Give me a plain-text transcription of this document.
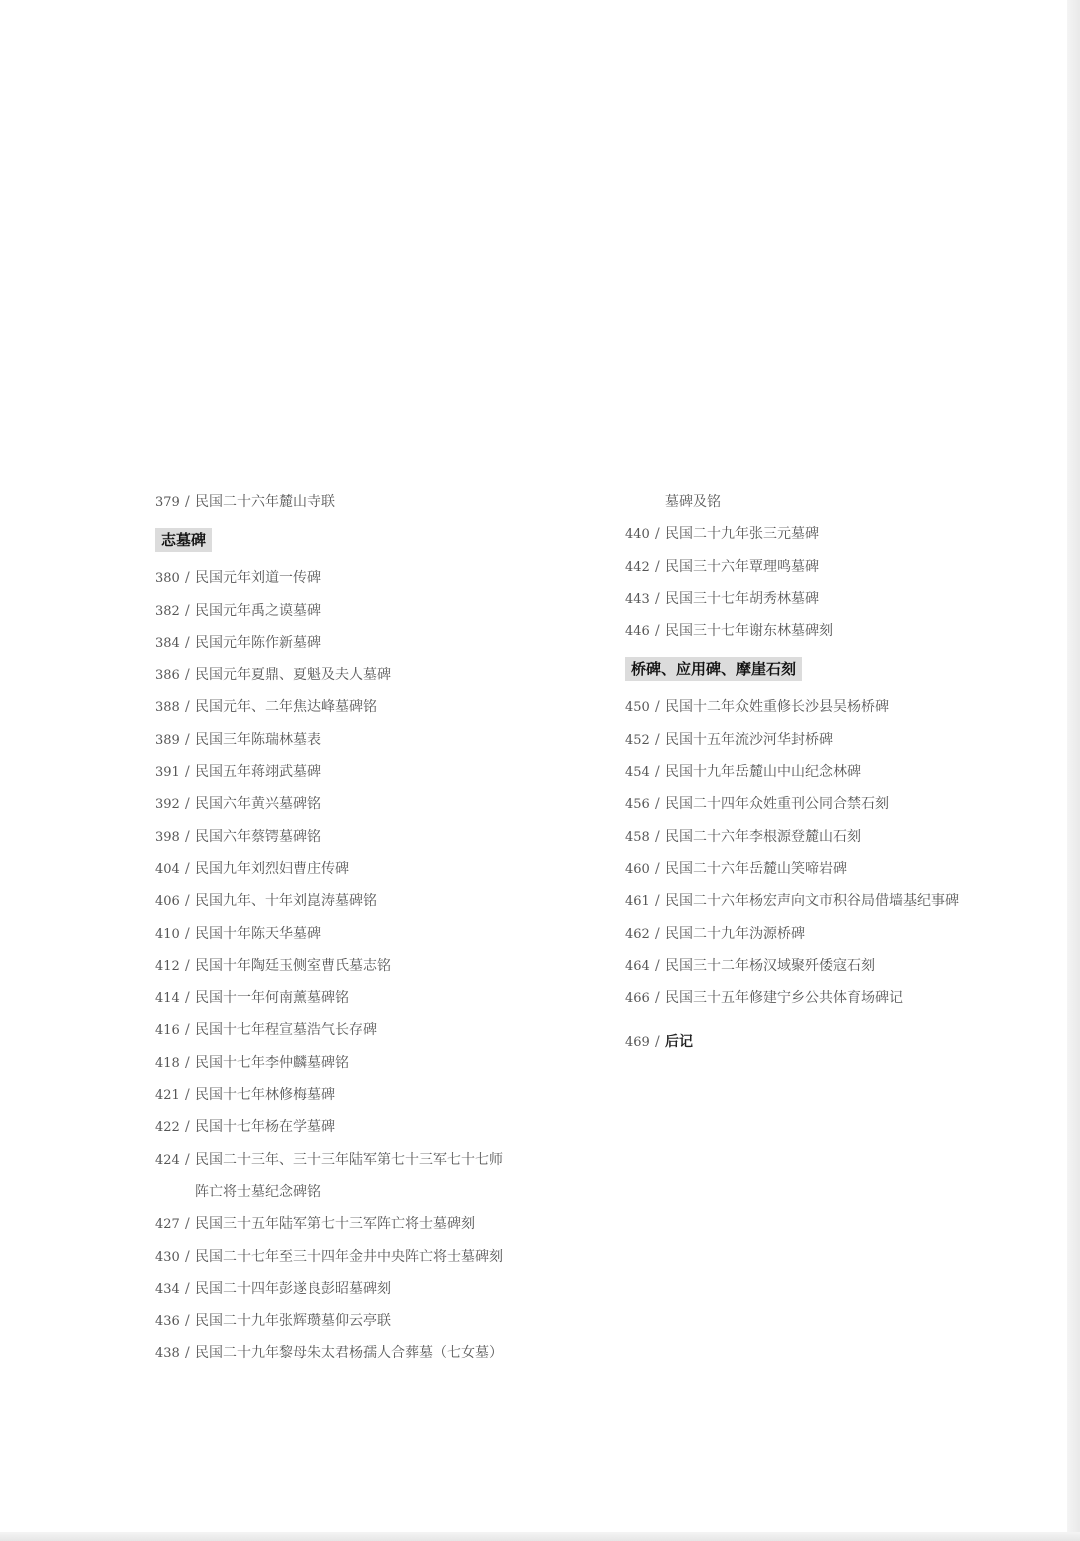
379 / 民国二十六年麓山寺联
志墓碑
380 / 民国元年刘道一传碑
382 / 民国元年禹之谟墓碑
384 / 民国元年陈作新墓碑
386 / 民国元年夏鼎、夏魁及夫人墓碑
388 / 民国元年、二年焦达峰墓碑铭
389 / 民国三年陈瑞林墓表
391 / 民国五年蒋翊武墓碑
392 / 民国六年黄兴墓碑铭
398 / 民国六年蔡锷墓碑铭
404 / 民国九年刘烈妇曹庄传碑
406 / 民国九年、十年刘崑涛墓碑铭
410 / 民国十年陈天华墓碑
412 / 民国十年陶廷玉侧室曹氏墓志铭
414 / 民国十一年何南薰墓碑铭
416 / 民国十七年程宣墓浩气长存碑
418 / 民国十七年李仲麟墓碑铭
421 / 民国十七年林修梅墓碑
422 / 民国十七年杨在学墓碑
424 / 民国二十三年、三十三年陆军第七十三军七十七师
阵亡将士墓纪念碑铭
427 / 民国三十五年陆军第七十三军阵亡将士墓碑刻
430 / 民国二十七年至三十四年金井中央阵亡将士墓碑刻
434 / 民国二十四年彭遂良彭昭墓碑刻
436 / 民国二十九年张辉瓒墓仰云亭联
438 / 民国二十九年黎母朱太君杨孺人合葬墓（七女墓）
墓碑及铭
440 / 民国二十九年张三元墓碑
442 / 民国三十六年覃理鸣墓碑
443 / 民国三十七年胡秀林墓碑
446 / 民国三十七年谢东林墓碑刻
桥碑、应用碑、摩崖石刻
450 / 民国十二年众姓重修长沙县吴杨桥碑
452 / 民国十五年流沙河华封桥碑
454 / 民国十九年岳麓山中山纪念林碑
456 / 民国二十四年众姓重刊公同合禁石刻
458 / 民国二十六年李根源登麓山石刻
460 / 民国二十六年岳麓山笑啼岩碑
461 / 民国二十六年杨宏声向文市积谷局借墙基纪事碑
462 / 民国二十九年沩源桥碑
464 / 民国三十二年杨汉域聚歼倭寇石刻
466 / 民国三十五年修建宁乡公共体育场碑记
469 / 后记
